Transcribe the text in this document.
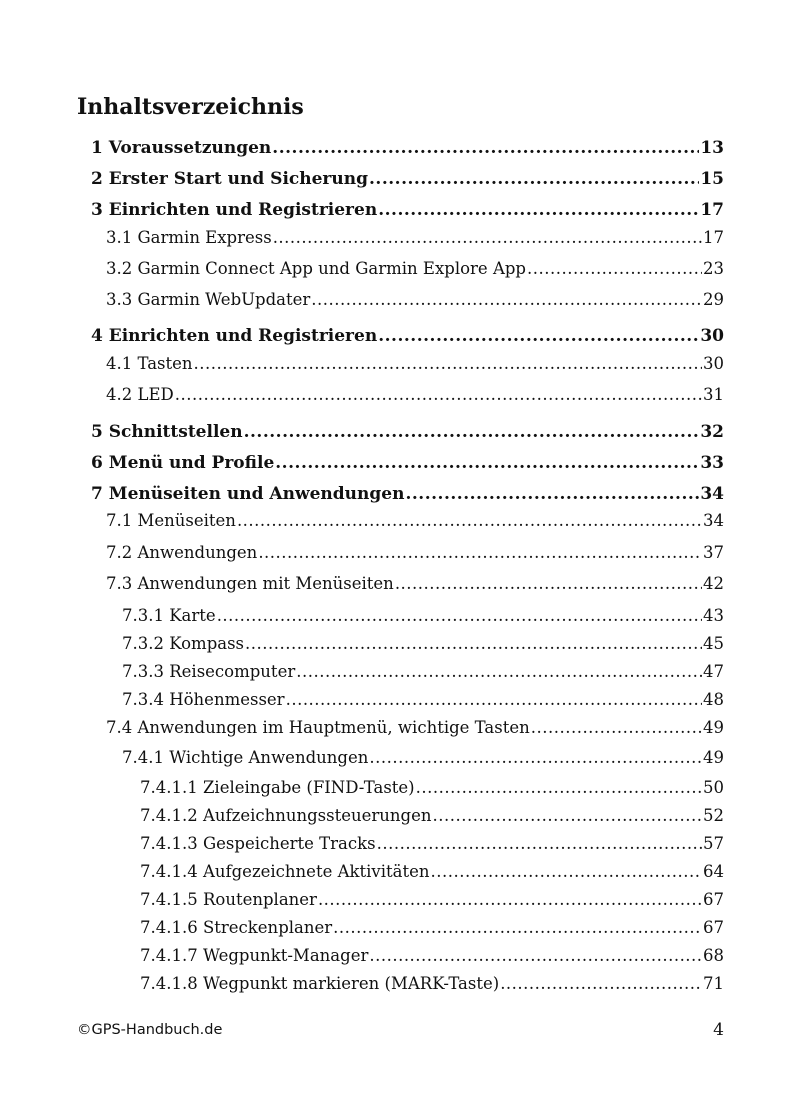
Inhaltsverzeichnis
1 Voraussetzungen .....	13
2 Erster Start und Sicherung .....	15
3 Einrichten und Registrieren .....	17
3.1 Garmin Express .....	17
3.2 Garmin Connect App und Garmin Explore App .....	23
3.3 Garmin WebUpdater .....	29
4 Einrichten und Registrieren .....	30
4.1 Tasten .....	30
4.2 LED .....	31
5 Schnittstellen .....	32
6 Menü und Profile .....	33
7 Menüseiten und Anwendungen .....	34
7.1 Menüseiten .....	34
7.2 Anwendungen .....	37
7.3 Anwendungen mit Menüseiten .....	42
7.3.1 Karte .....	43
7.3.2 Kompass .....	45
7.3.3 Reisecomputer .....	47
7.3.4 Höhenmesser .....	48
7.4 Anwendungen im Hauptmenü, wichtige Tasten .....	49
7.4.1 Wichtige Anwendungen .....	49
7.4.1.1 Zieleingabe (FIND-Taste) .....	50
7.4.1.2 Aufzeichnungssteuerungen .....	52
7.4.1.3 Gespeicherte Tracks .....	57
7.4.1.4 Aufgezeichnete Aktivitäten .....	64
7.4.1.5 Routenplaner .....	67
7.4.1.6 Streckenplaner .....	67
7.4.1.7 Wegpunkt-Manager .....	68
7.4.1.8 Wegpunkt markieren (MARK-Taste) .....	71
©GPS-Handbuch.de	4
